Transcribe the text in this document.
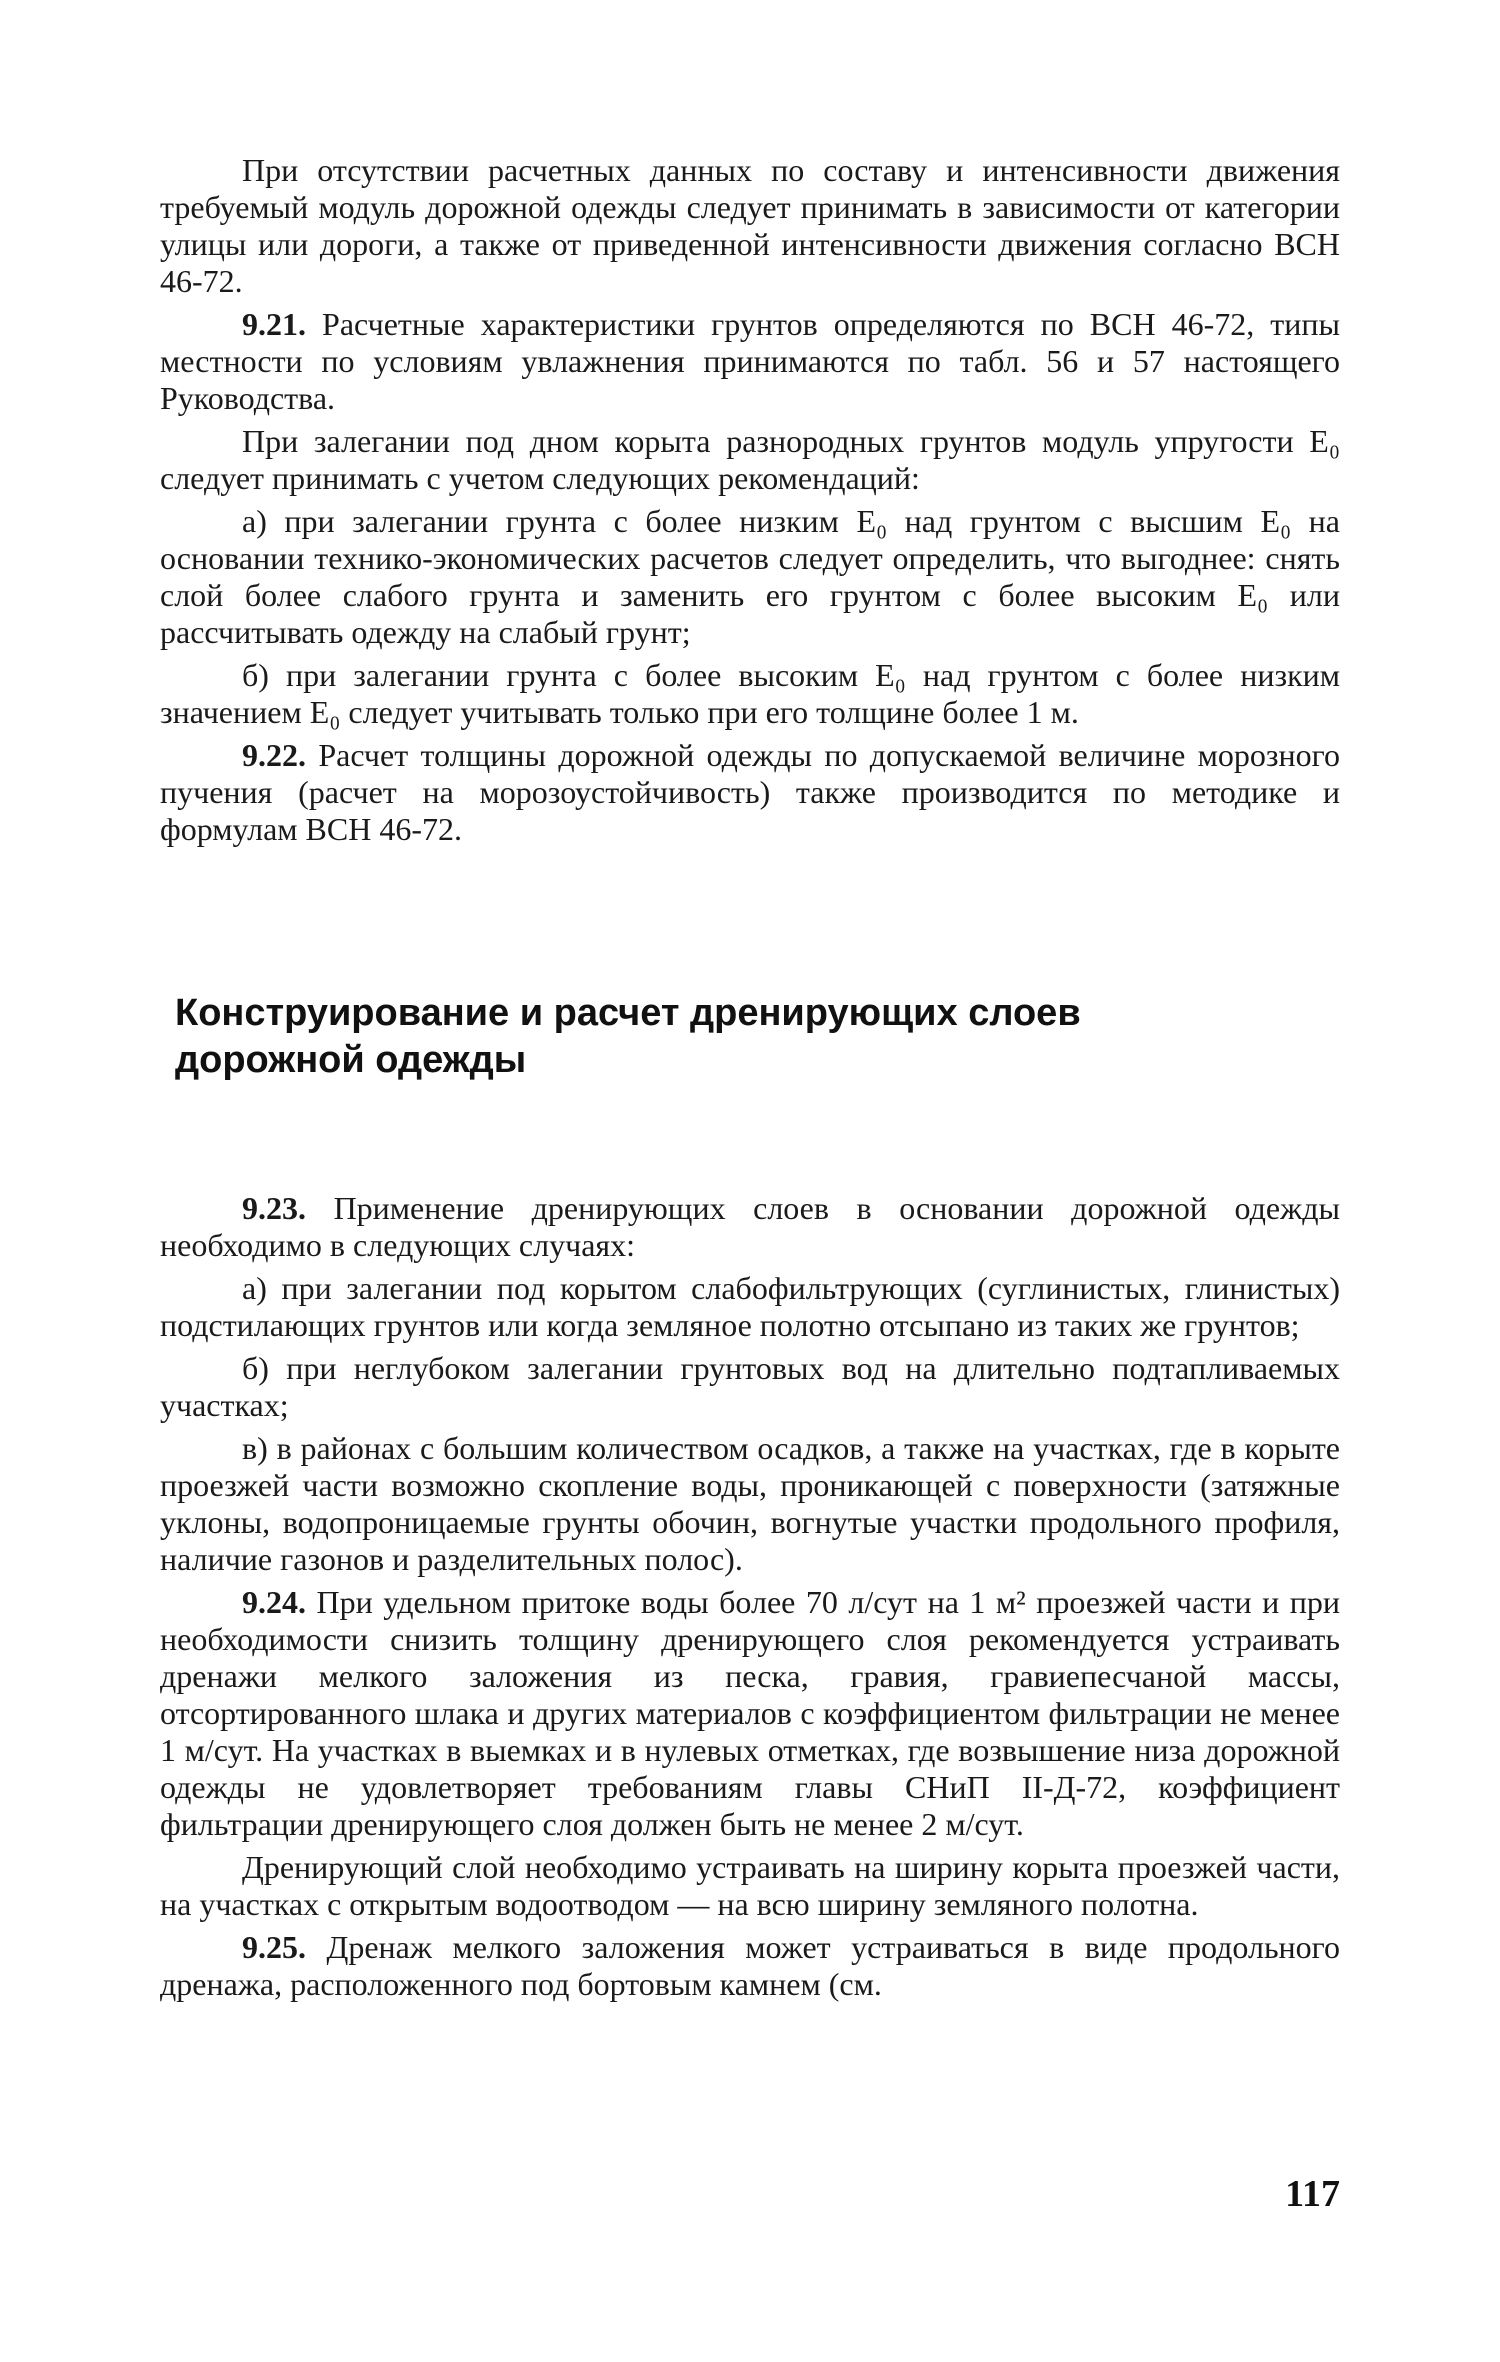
При отсутствии расчетных данных по составу и интенсивности движения требуемый модуль дорожной одежды следует принимать в зависимости от категории улицы или дороги, а также от приведенной интенсивности движения согласно ВСН 46-72.

9.21. Расчетные характеристики грунтов определяются по ВСН 46-72, типы местности по условиям увлажнения принимаются по табл. 56 и 57 настоящего Руководства.

При залегании под дном корыта разнородных грунтов модуль упругости E₀ следует принимать с учетом следующих рекомендаций:

а) при залегании грунта с более низким E₀ над грунтом с высшим E₀ на основании технико-экономических расчетов следует определить, что выгоднее: снять слой более слабого грунта и заменить его грунтом с более высоким E₀ или рассчитывать одежду на слабый грунт;

б) при залегании грунта с более высоким E₀ над грунтом с более низким значением E₀ следует учитывать только при его толщине более 1 м.

9.22. Расчет толщины дорожной одежды по допускаемой величине морозного пучения (расчет на морозоустойчивость) также производится по методике и формулам ВСН 46-72.

Конструирование и расчет дренирующих слоев дорожной одежды

9.23. Применение дренирующих слоев в основании дорожной одежды необходимо в следующих случаях:

а) при залегании под корытом слабофильтрующих (суглинистых, глинистых) подстилающих грунтов или когда земляное полотно отсыпано из таких же грунтов;

б) при неглубоком залегании грунтовых вод на длительно подтапливаемых участках;

в) в районах с большим количеством осадков, а также на участках, где в корыте проезжей части возможно скопление воды, проникающей с поверхности (затяжные уклоны, водопроницаемые грунты обочин, вогнутые участки продольного профиля, наличие газонов и разделительных полос).

9.24. При удельном притоке воды более 70 л/сут на 1 м² проезжей части и при необходимости снизить толщину дренирующего слоя рекомендуется устраивать дренажи мелкого заложения из песка, гравия, гравиепесчаной массы, отсортированного шлака и других материалов с коэффициентом фильтрации не менее 1 м/сут. На участках в выемках и в нулевых отметках, где возвышение низа дорожной одежды не удовлетворяет требованиям главы СНиП II-Д-72, коэффициент фильтрации дренирующего слоя должен быть не менее 2 м/сут.

Дренирующий слой необходимо устраивать на ширину корыта проезжей части, на участках с открытым водоотводом — на всю ширину земляного полотна.

9.25. Дренаж мелкого заложения может устраиваться в виде продольного дренажа, расположенного под бортовым камнем (см.

117
